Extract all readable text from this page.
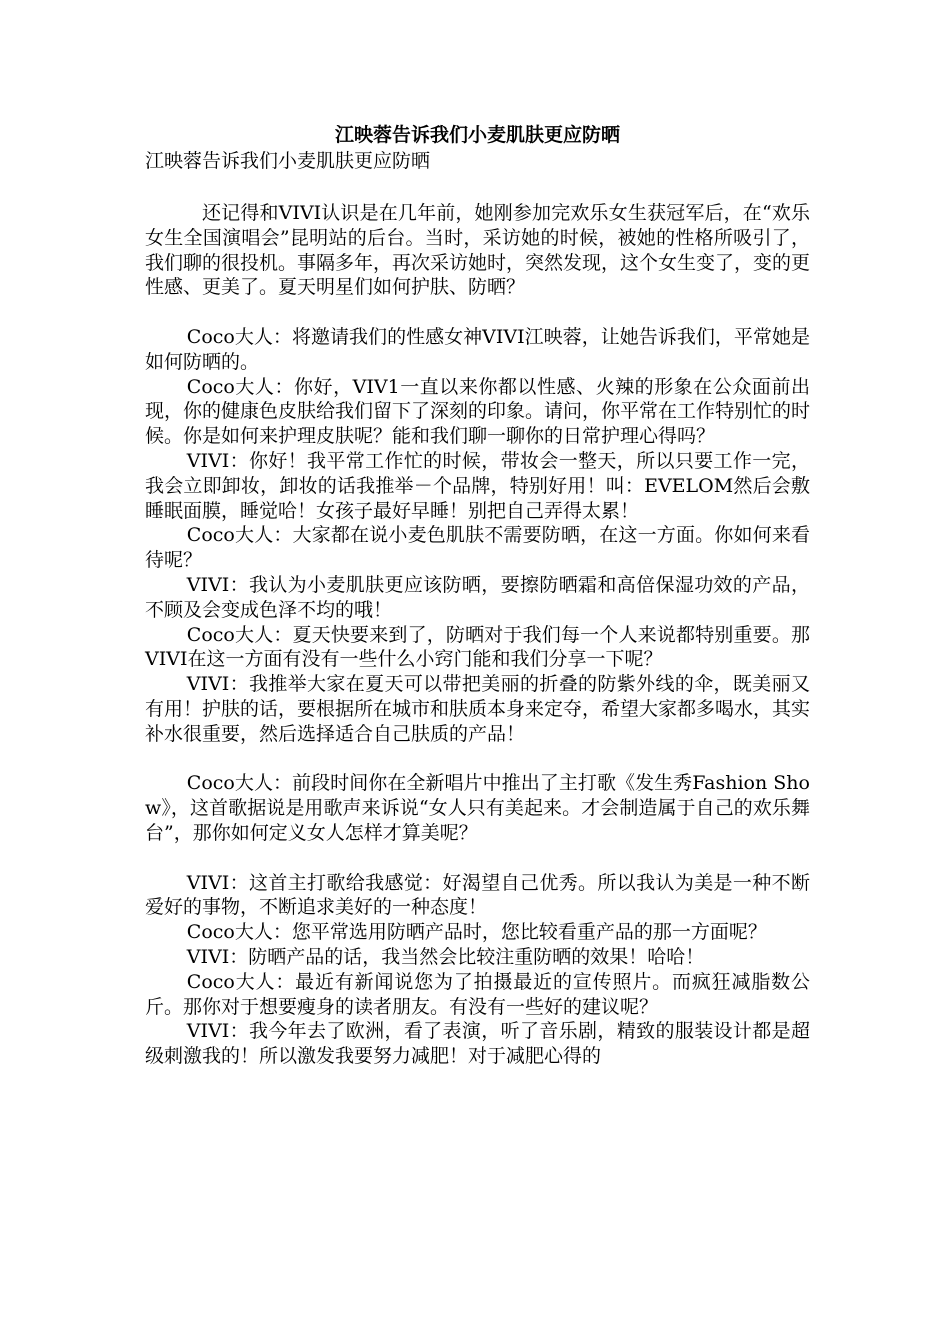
江映蓉告诉我们小麦肌肤更应防晒

江映蓉告诉我们小麦肌肤更应防晒

还记得和VIVI认识是在几年前，她刚参加完欢乐女生获冠军后，在“欢乐女生全国演唱会”昆明站的后台。当时，采访她的时候，被她的性格所吸引了，我们聊的很投机。事隔多年，再次采访她时，突然发现，这个女生变了，变的更性感、更美了。夏天明星们如何护肤、防晒？

Coco大人：将邀请我们的性感女神VIVI江映蓉，让她告诉我们，平常她是如何防晒的。

Coco大人：你好，VIV1一直以来你都以性感、火辣的形象在公众面前出现，你的健康色皮肤给我们留下了深刻的印象。请问，你平常在工作特别忙的时候。你是如何来护理皮肤呢？能和我们聊一聊你的日常护理心得吗？

VIVI：你好！我平常工作忙的时候，带妆会一整天，所以只要工作一完，我会立即卸妆，卸妆的话我推举－个品牌，特别好用！叫：EVELOM然后会敷睡眠面膜，睡觉哈！女孩子最好早睡！别把自己弄得太累！

Coco大人：大家都在说小麦色肌肤不需要防晒，在这一方面。你如何来看待呢？

VIVI：我认为小麦肌肤更应该防晒，要擦防晒霜和高倍保湿功效的产品，不顾及会变成色泽不均的哦！

Coco大人：夏天快要来到了，防晒对于我们每一个人来说都特别重要。那VIVI在这一方面有没有一些什么小窍门能和我们分享一下呢？

VIVI：我推举大家在夏天可以带把美丽的折叠的防紫外线的伞，既美丽又有用！护肤的话，要根据所在城市和肤质本身来定夺，希望大家都多喝水，其实补水很重要，然后选择适合自己肤质的产品！

Coco大人：前段时间你在全新唱片中推出了主打歌《发生秀Fashion Show》，这首歌据说是用歌声来诉说“女人只有美起来。才会制造属于自己的欢乐舞台”，那你如何定义女人怎样才算美呢？

VIVI：这首主打歌给我感觉：好渴望自己优秀。所以我认为美是一种不断爱好的事物，不断追求美好的一种态度！

Coco大人：您平常选用防晒产品时，您比较看重产品的那一方面呢？

VIVI：防晒产品的话，我当然会比较注重防晒的效果！哈哈！

Coco大人：最近有新闻说您为了拍摄最近的宣传照片。而疯狂减脂数公斤。那你对于想要瘦身的读者朋友。有没有一些好的建议呢？

VIVI：我今年去了欧洲，看了表演，听了音乐剧，精致的服装设计都是超级刺激我的！所以激发我要努力减肥！对于减肥心得的
